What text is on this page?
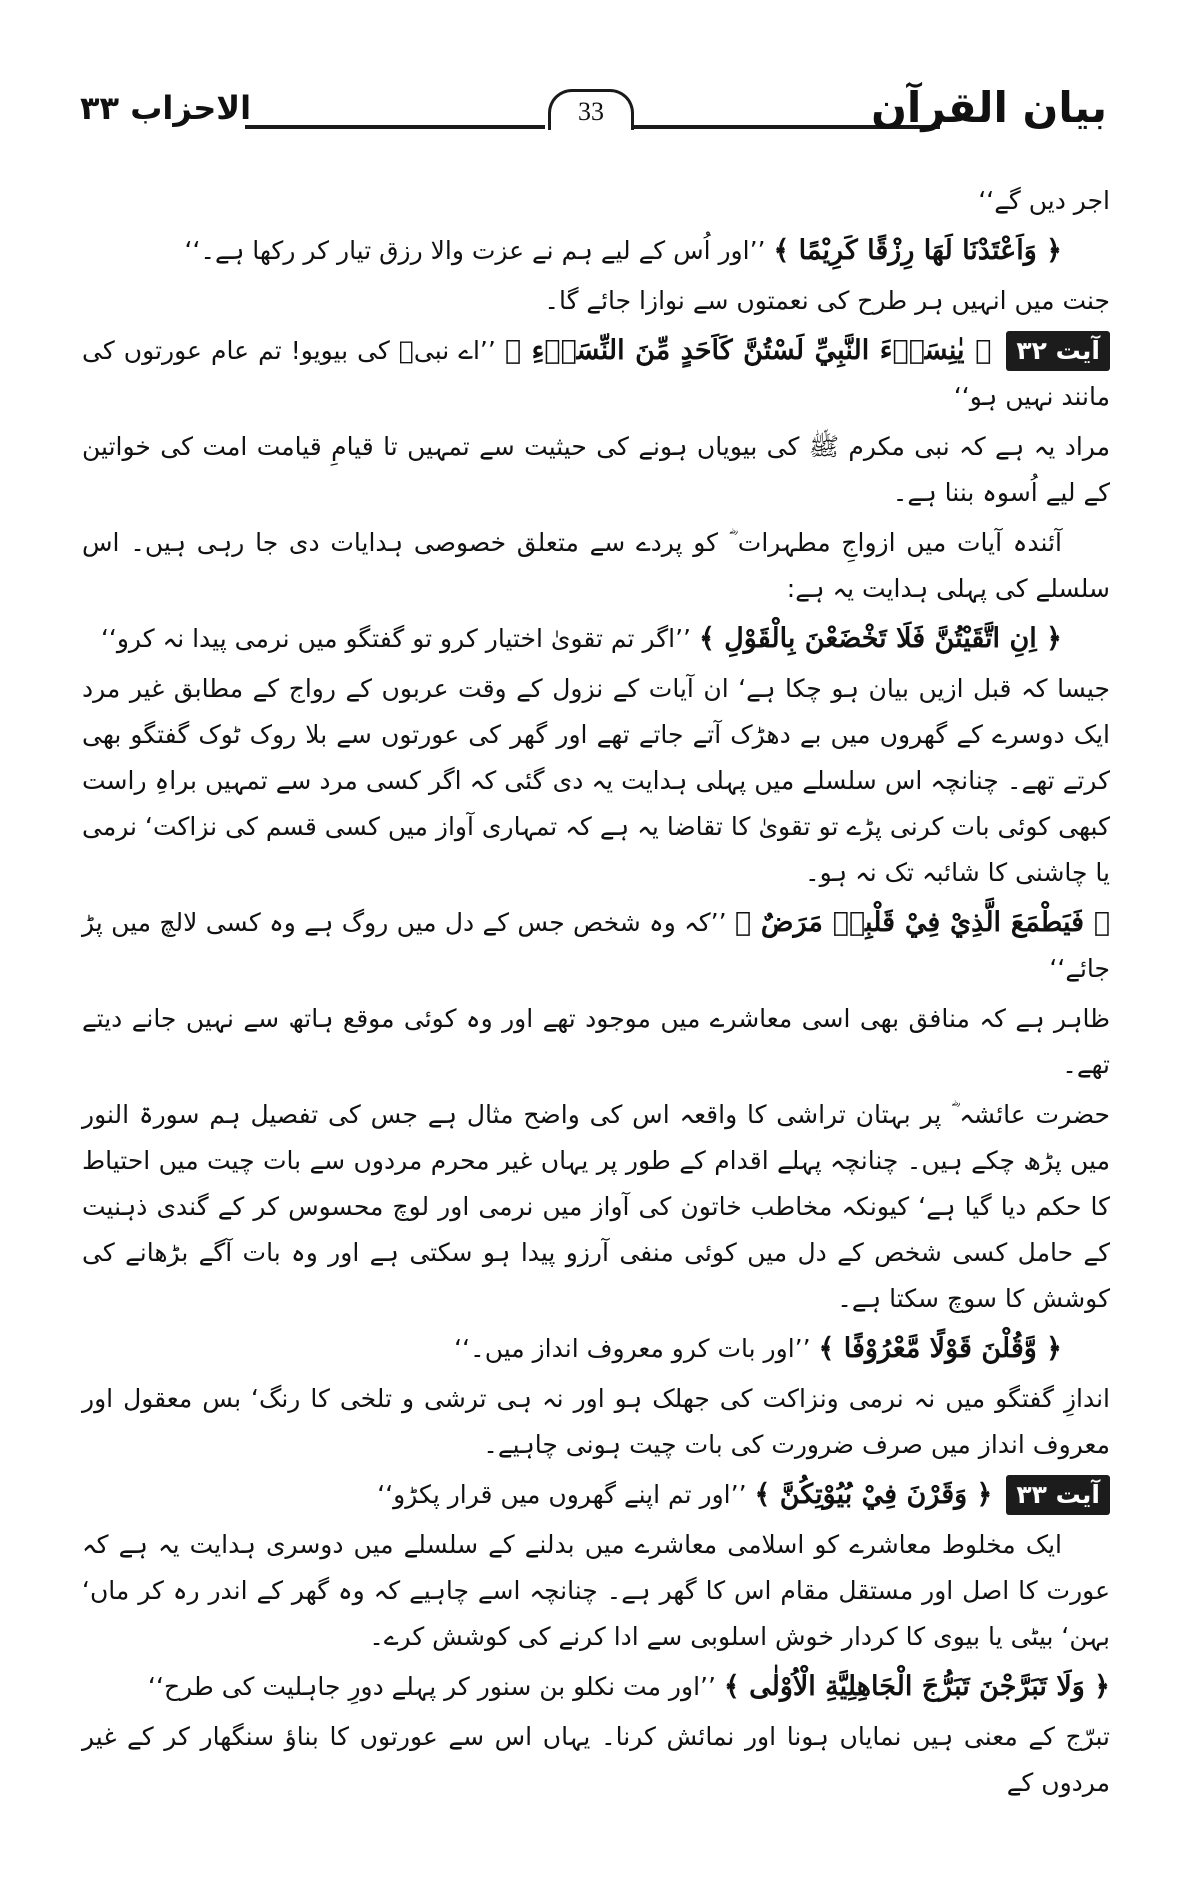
33	بیان القرآن
الاحزاب ۳۳

اجر دیں گے‘‘

﴿ وَاَعْتَدْنَا لَهَا رِزْقًا كَرِيْمًا ﴾ ’’اور اُس کے لیے ہم نے عزت والا رزق تیار کر رکھا ہے۔‘‘

جنت میں انہیں ہر طرح کی نعمتوں سے نوازا جائے گا۔

آیت ۳۲ ﴿ يٰنِسَاۗءَ النَّبِيِّ لَسْتُنَّ كَاَحَدٍ مِّنَ النِّسَاۗءِ ﴾ ’’اے نبیؐ کی بیویو! تم عام عورتوں کی مانند نہیں ہو‘‘

مراد یہ ہے کہ نبی مکرم ﷺ کی بیویاں ہونے کی حیثیت سے تمہیں تا قیامِ قیامت امت کی خواتین کے لیے اُسوہ بننا ہے۔

آئندہ آیات میں ازواجِ مطہرات ؓ کو پردے سے متعلق خصوصی ہدایات دی جا رہی ہیں۔ اس سلسلے کی پہلی ہدایت یہ ہے:

﴿ اِنِ اتَّقَيْتُنَّ فَلَا تَخْضَعْنَ بِالْقَوْلِ ﴾ ’’اگر تم تقویٰ اختیار کرو تو گفتگو میں نرمی پیدا نہ کرو‘‘

جیسا کہ قبل ازیں بیان ہو چکا ہے‘ ان آیات کے نزول کے وقت عربوں کے رواج کے مطابق غیر مرد ایک دوسرے کے گھروں میں بے دھڑک آتے جاتے تھے اور گھر کی عورتوں سے بلا روک ٹوک گفتگو بھی کرتے تھے۔ چنانچہ اس سلسلے میں پہلی ہدایت یہ دی گئی کہ اگر کسی مرد سے تمہیں براہِ راست کبھی کوئی بات کرنی پڑے تو تقویٰ کا تقاضا یہ ہے کہ تمہاری آواز میں کسی قسم کی نزاکت‘ نرمی یا چاشنی کا شائبہ تک نہ ہو۔

﴿ فَيَطْمَعَ الَّذِيْ فِيْ قَلْبِهٖ مَرَضٌ ﴾ ’’کہ وہ شخص جس کے دل میں روگ ہے وہ کسی لالچ میں پڑ جائے‘‘

ظاہر ہے کہ منافق بھی اسی معاشرے میں موجود تھے اور وہ کوئی موقع ہاتھ سے نہیں جانے دیتے تھے۔

حضرت عائشہ ؓ پر بہتان تراشی کا واقعہ اس کی واضح مثال ہے جس کی تفصیل ہم سورۃ النور میں پڑھ چکے ہیں۔ چنانچہ پہلے اقدام کے طور پر یہاں غیر محرم مردوں سے بات چیت میں احتیاط کا حکم دیا گیا ہے‘ کیونکہ مخاطب خاتون کی آواز میں نرمی اور لوچ محسوس کر کے گندی ذہنیت کے حامل کسی شخص کے دل میں کوئی منفی آرزو پیدا ہو سکتی ہے اور وہ بات آگے بڑھانے کی کوشش کا سوچ سکتا ہے۔

﴿ وَّقُلْنَ قَوْلًا مَّعْرُوْفًا ﴾ ’’اور بات کرو معروف انداز میں۔‘‘

اندازِ گفتگو میں نہ نرمی ونزاکت کی جھلک ہو اور نہ ہی ترشی و تلخی کا رنگ‘ بس معقول اور معروف انداز میں صرف ضرورت کی بات چیت ہونی چاہیے۔

آیت ۳۳ ﴿ وَقَرْنَ فِيْ بُيُوْتِكُنَّ ﴾ ’’اور تم اپنے گھروں میں قرار پکڑو‘‘

ایک مخلوط معاشرے کو اسلامی معاشرے میں بدلنے کے سلسلے میں دوسری ہدایت یہ ہے کہ عورت کا اصل اور مستقل مقام اس کا گھر ہے۔ چنانچہ اسے چاہیے کہ وہ گھر کے اندر رہ کر ماں‘ بہن‘ بیٹی یا بیوی کا کردار خوش اسلوبی سے ادا کرنے کی کوشش کرے۔

﴿ وَلَا تَبَرَّجْنَ تَبَرُّجَ الْجَاهِلِيَّةِ الْاُوْلٰى ﴾ ’’اور مت نکلو بن سنور کر پہلے دورِ جاہلیت کی طرح‘‘

تبرّج کے معنی ہیں نمایاں ہونا اور نمائش کرنا۔ یہاں اس سے عورتوں کا بناؤ سنگھار کر کے غیر مردوں کے
